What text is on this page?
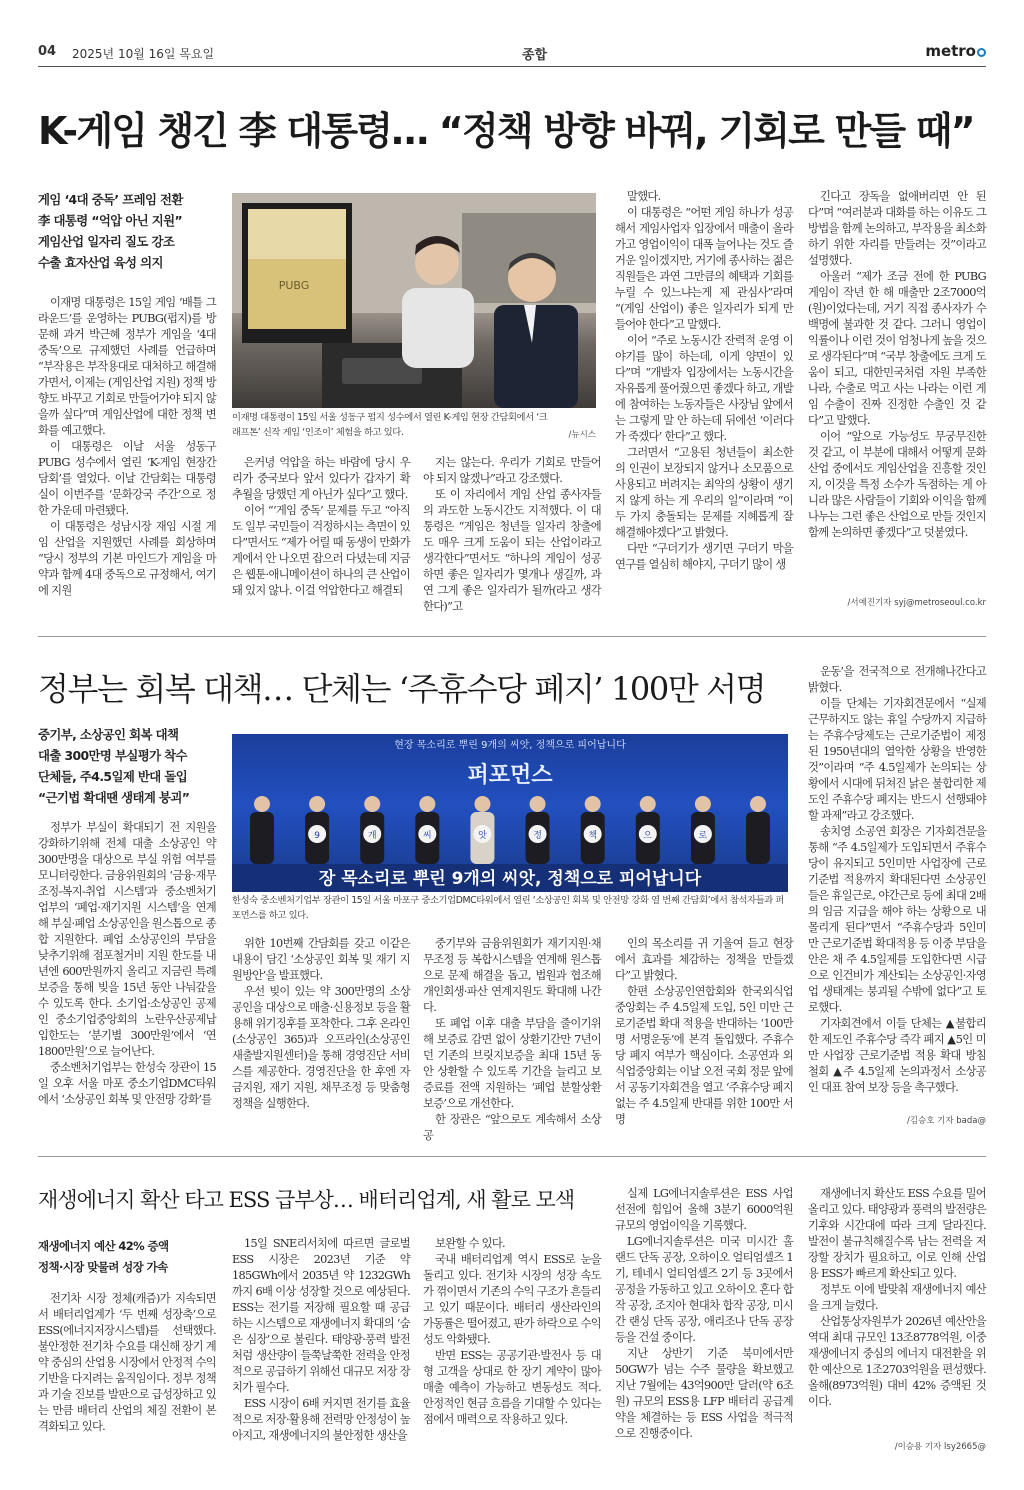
04 2025년 10월 16일 목요일	종합	metro
K-게임 챙긴 李 대통령… “정책 방향 바꿔, 기회로 만들 때”
게임 ‘4대 중독’ 프레임 전환
李 대통령 “억압 아닌 지원”
게임산업 일자리 질도 강조
수출 효자산업 육성 의지
PUBG
이재명 대통령이 15일 서울 성동구 펍지 성수에서 열린 K-게임 현장 간담회에서 ‘크래프톤’ 신작 게임 ‘인조이’ 체험을 하고 있다.	/뉴시스

이재명 대통령은 15일 게임 ‘배틀 그라운드’를 운영하는 PUBG(펍지)를 방문해 과거 박근혜 정부가 게임을 ‘4대 중독’으로 규제했던 사례를 언급하며 “부작용은 부작용대로 대처하고 해결해가면서, 이제는 (게임산업 지원) 정책 방향도 바꾸고 기회로 만들어가야 되지 않을까 싶다”며 게임산업에 대한 정책 변화를 예고했다.

이 대통령은 이날 서울 성동구 PUBG 성수에서 열린 ‘K-게임 현장간담회’를 열었다. 이날 간담회는 대통령실이 이번주를 ‘문화강국 주간’으로 정한 가운데 마련됐다.

이 대통령은 성남시장 재임 시절 게임 산업을 지원했던 사례를 회상하며 “당시 정부의 기본 마인드가 게임을 마약과 함께 4대 중독으로 규정해서, 여기에 지원

은커녕 억압을 하는 바람에 당시 우리가 중국보다 앞서 있다가 갑자기 확 추월을 당했던 게 아닌가 싶다”고 했다.

이어 “‘게임 중독’ 문제를 두고 “아직도 일부 국민들이 걱정하시는 측면이 있다”면서도 “제가 어릴 때 동생이 만화가게에서 안 나오면 잡으러 다녔는데 지금은 웹툰·애니메이션이 하나의 큰 산업이 돼 있지 않나. 이걸 억압한다고 해결되

지는 않는다. 우리가 기회로 만들어야 되지 않겠나”라고 강조했다.

또 이 자리에서 게임 산업 종사자들의 과도한 노동시간도 지적했다. 이 대통령은 “게임은 청년들 일자리 창출에도 매우 크게 도움이 되는 산업이라고 생각한다”면서도 “하나의 게임이 성공하면 좋은 일자리가 몇개나 생길까, 과연 그게 좋은 일자리가 될까(라고 생각한다)”고

말했다.

이 대통령은 “어떤 게임 하나가 성공해서 게임사업자 입장에서 매출이 올라가고 영업이익이 대폭 늘어나는 것도 즐거운 일이겠지만, 거기에 종사하는 젊은 직원들은 과연 그만큼의 혜택과 기회를 누릴 수 있느냐는게 제 관심사”라며 “(게임 산업이) 좋은 일자리가 되게 만들어야 한다”고 말했다.

이어 “주로 노동시간 잔력적 운영 이야기를 많이 하는데, 이게 양면이 있다”며 “개발자 입장에서는 노동시간을 자유롭게 풀어줬으면 좋겠다 하고, 개발에 참여하는 노동자들은 사장님 앞에서는 그렇게 말 안 하는데 뒤에선 ‘이러다가 죽겠다’ 한다”고 했다.

그러면서 “고용된 청년들이 최소한의 인권이 보장되지 않거나 소모품으로 사용되고 버려지는 최악의 상황이 생기지 않게 하는 게 우리의 일”이라며 “이 두 가지 충돌되는 문제를 지혜롭게 잘 해결해야겠다”고 밝혔다.

다만 “구더기가 생기면 구더기 막을 연구를 열심히 해야지, 구더기 많이 생

긴다고 장독을 없애버리면 안 된다”며 “여러분과 대화를 하는 이유도 그 방법을 함께 논의하고, 부작용을 최소화하기 위한 자리를 만들려는 것”이라고 설명했다.

아울러 “제가 조금 전에 한 PUBG 게임이 작년 한 해 매출만 2조7000억 (원)이었다는데, 거기 직접 종사자가 수백명에 불과한 것 같다. 그러니 영업이익률이나 이런 것이 엄청나게 높을 것으로 생각된다”며 “국부 창출에도 크게 도움이 되고, 대한민국처럼 자원 부족한 나라, 수출로 먹고 사는 나라는 이런 게임 수출이 진짜 진정한 수출인 것 같다”고 말했다.

이어 “앞으로 가능성도 무궁무진한 것 같고, 이 부분에 대해서 어떻게 문화 산업 중에서도 게임산업을 진흥할 것인지, 이것을 특정 소수가 독점하는 게 아니라 많은 사람들이 기회와 이익을 함께 나누는 그런 좋은 산업으로 만들 것인지 함께 논의하면 좋겠다”고 덧붙였다.

/서예진기자 syj@metroseoul.co.kr
정부는 회복 대책… 단체는 ‘주휴수당 폐지’ 100만 서명
중기부, 소상공인 회복 대책
대출 300만명 부실평가 착수
단체들, 주4.5일제 반대 돌입
“근기법 확대땐 생태계 붕괴”
현장 목소리로 뿌린 9개의 씨앗, 정책으로 피어납니다
퍼포먼스
9	개	씨	앗	정	책	으	로
장 목소리로 뿌린 9개의 씨앗, 정책으로 피어납니다
한성숙 중소벤처기업부 장관이 15일 서울 마포구 중소기업DMC타워에서 열린 ‘소상공인 회복 및 안전망 강화 열 번째 간담회’에서 참석자들과 퍼포먼스를 하고 있다.

정부가 부실이 확대되기 전 지원을 강화하기위해 전체 대출 소상공인 약 300만명을 대상으로 부실 위험 여부를 모니터링한다. 금융위원회의 ‘금융·재무조정-복지-취업 시스템’과 중소벤처기업부의 ‘폐업·재기지원 시스템’을 연계해 부실·폐업 소상공인을 원스톱으로 종합 지원한다. 폐업 소상공인의 부담을 낮추기위해 점포철거비 지원 한도를 내년엔 600만원까지 올리고 지금린 특례보증을 통해 빚을 15년 동안 나눠갚을 수 있도록 한다. 소기업·소상공인 공제인 중소기업중앙회의 노란우산공제납입한도는 ‘분기별 300만원’에서 ‘연 1800만원’으로 늘어난다.

중소벤처기업부는 한성숙 장관이 15일 오후 서울 마포 중소기업DMC타워에서 ‘소상공인 회복 및 안전망 강화’를

위한 10번째 간담회를 갖고 이같은 내용이 담긴 ‘소상공인 회복 및 재기 지원방안’을 발표했다.

우선 빚이 있는 약 300만명의 소상공인을 대상으로 매출·신용정보 등을 활용해 위기징후를 포착한다. 그후 온라인(소상공인 365)과 오프라인(소상공인 새출발지원센터)을 통해 경영진단 서비스를 제공한다. 경영진단을 한 후엔 자금지원, 재기 지원, 채무조정 등 맞춤형 정책을 실행한다.

중기부와 금융위원회가 재기지원·채무조정 등 복합시스템을 연계해 원스톱으로 문제 해결을 돕고, 법원과 협조해 개인회생·파산 연계지원도 확대해 나간다.

또 폐업 이후 대출 부담을 줄이기위해 보증료 감면 없이 상환기간만 7년이던 기존의 브릿지보증을 최대 15년 동안 상환할 수 있도록 기간을 늘리고 보증료를 전액 지원하는 ‘폐업 분할상환 보증’으로 개선한다.

한 장관은 “앞으로도 계속해서 소상공

인의 목소리를 귀 기울여 듣고 현장에서 효과를 체감하는 정책을 만들겠다”고 밝혔다.

한편 소상공인연합회와 한국외식업중앙회는 주 4.5일제 도입, 5인 미만 근로기준법 확대 적용을 반대하는 ‘100만명 서명운동’에 본격 돌입했다. 주휴수당 폐지 여부가 핵심이다. 소공연과 외식업중앙회는 이날 오전 국회 정문 앞에서 공동기자회견을 열고 ‘주휴수당 폐지 없는 주 4.5일제 반대를 위한 100만 서명

운동’을 전국적으로 전개해나간다고 밝혔다.

이들 단체는 기자회견문에서 “실제 근무하지도 않는 휴일 수당까지 지급하는 주휴수당제도는 근로기준법이 제정된 1950년대의 열악한 상황을 반영한 것”이라며 “주 4.5일제가 논의되는 상황에서 시대에 뒤쳐진 낡은 불합리한 제도인 주휴수당 폐지는 반드시 선행돼야 할 과제”라고 강조했다.

송치영 소공연 회장은 기자회견문을 통해 “주 4.5일제가 도입되면서 주휴수당이 유지되고 5인미만 사업장에 근로기준법 적용까지 확대된다면 소상공인들은 휴일근로, 야간근로 등에 최대 2배의 임금 지급을 해야 하는 상황으로 내몰리게 된다”면서 “주휴수당과 5인미만 근로기준법 확대적용 등 이중 부담을 안은 채 주 4.5일제를 도입한다면 시급으로 인건비가 계산되는 소상공인·자영업 생태계는 붕괴될 수밖에 없다”고 토로했다.

기자회견에서 이들 단체는 ▲불합리한 제도인 주휴수당 즉각 폐지 ▲5인 미만 사업장 근로기준법 적용 확대 방침 철회 ▲주 4.5일제 논의과정서 소상공인 대표 참여 보장 등을 촉구했다.

/김승호 기자 bada@
재생에너지 확산 타고 ESS 급부상… 배터리업계, 새 활로 모색
재생에너지 예산 42% 증액
정책·시장 맞물려 성장 가속

전기차 시장 정체(캐즘)가 지속되면서 배터리업계가 ‘두 번째 성장축’으로 ESS(에너지저장시스템)를 선택했다. 불안정한 전기차 수요를 대신해 장기 계약 중심의 산업용 시장에서 안정적 수익 기반을 다지려는 움직임이다. 정부 정책과 기술 진보를 발판으로 급성장하고 있는 만큼 배터리 산업의 체질 전환이 본격화되고 있다.

15일 SNE리서치에 따르면 글로벌 ESS 시장은 2023년 기준 약 185GWh에서 2035년 약 1232GWh까지 6배 이상 성장할 것으로 예상된다. ESS는 전기를 저장해 필요할 때 공급하는 시스템으로 재생에너지 확대의 ‘숨은 심장’으로 불린다. 태양광·풍력 발전처럼 생산량이 들쭉날쭉한 전력을 안정적으로 공급하기 위해선 대규모 저장 장치가 필수다.

ESS 시장이 6배 커지면 전기를 효율적으로 저장·활용해 전력망 안정성이 높아지고, 재생에너지의 불안정한 생산을

보완할 수 있다.

국내 배터리업계 역시 ESS로 눈을 돌리고 있다. 전기차 시장의 성장 속도가 꺾이면서 기존의 수익 구조가 흔들리고 있기 때문이다. 배터리 생산라인의 가동률은 떨어졌고, 판가 하락으로 수익성도 악화됐다.

반면 ESS는 공공기관·발전사 등 대형 고객을 상대로 한 장기 계약이 많아 매출 예측이 가능하고 변동성도 적다. 안정적인 현금 흐름을 기대할 수 있다는 점에서 매력으로 작용하고 있다.

실제 LG에너지솔루션은 ESS 사업 선전에 힘입어 올해 3분기 6000억원 규모의 영업이익을 기록했다.

LG에너지솔루션은 미국 미시간 홀랜드 단독 공장, 오하이오 얼티엄셀즈 1기, 테네시 얼티엄셀즈 2기 등 3곳에서 공정을 가동하고 있고 오하이오 혼다 합작 공장, 조지아 현대차 합작 공장, 미시간 랜싱 단독 공장, 애리조나 단독 공장 등을 건설 중이다.

지난 상반기 기준 북미에서만 50GW가 넘는 수주 물량을 확보했고 지난 7월에는 43억900만 달러(약 6조 원) 규모의 ESS용 LFP 배터리 공급계약을 체결하는 등 ESS 사업을 적극적으로 진행중이다.

재생에너지 확산도 ESS 수요를 밀어올리고 있다. 태양광과 풍력의 발전량은 기후와 시간대에 따라 크게 달라진다. 발전이 불규칙해질수록 남는 전력을 저장할 장치가 필요하고, 이로 인해 산업용 ESS가 빠르게 확산되고 있다.

정부도 이에 발맞춰 재생에너지 예산을 크게 늘렸다.

산업통상자원부가 2026년 예산안을 역대 최대 규모인 13조8778억원, 이중 재생에너지 중심의 에너지 대전환을 위한 예산으로 1조2703억원을 편성했다. 올해(8973억원) 대비 42% 증액된 것이다.

/이승용 기자 lsy2665@
